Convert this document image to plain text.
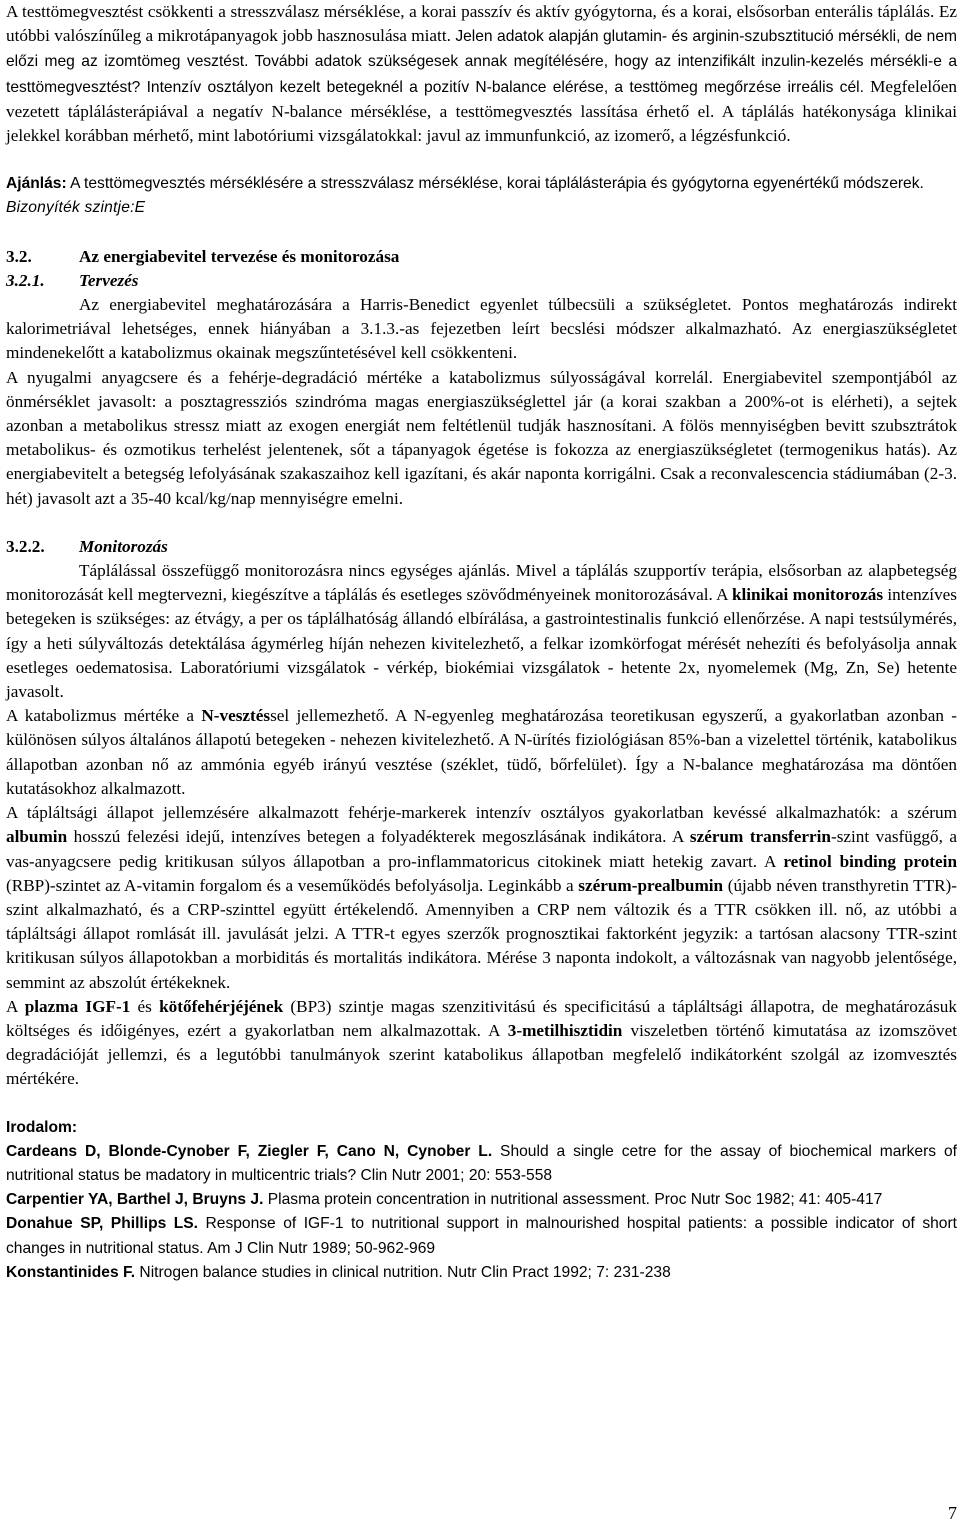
A testtömegvesztést csökkenti a stresszválasz mérséklése, a korai passzív és aktív gyógytorna, és a korai, elsősorban enterális táplálás. Ez utóbbi valószínűleg a mikrotápanyagok jobb hasznosulása miatt. Jelen adatok alapján glutamin- és arginin-szubsztitució mérsékli, de nem előzi meg az izomtömeg vesztést. További adatok szükségesek annak megítélésére, hogy az intenzifikált inzulin-kezelés mérsékli-e a testtömegvesztést? Intenzív osztályon kezelt betegeknél a pozitív N-balance elérése, a testtömeg megőrzése irreális cél. Megfelelően vezetett táplálásterápiával a negatív N-balance mérséklése, a testtömegvesztés lassítása érhető el. A táplálás hatékonysága klinikai jelekkel korábban mérhető, mint labotóriumi vizsgálatokkal: javul az immunfunkció, az izomerő, a légzésfunkció.

Ajánlás: A testtömegvesztés mérséklésére a stresszválasz mérséklése, korai táplálásterápia és gyógytorna egyenértékű módszerek.

Bizonyíték szintje:E

3.2.	Az energiabevitel tervezése és monitorozása
3.2.1.	Tervezés

Az energiabevitel meghatározására a Harris-Benedict egyenlet túlbecsüli a szükségletet. Pontos meghatározás indirekt kalorimetriával lehetséges, ennek hiányában a 3.1.3.-as fejezetben leírt becslési módszer alkalmazható. Az energiaszükségletet mindenekelőtt a katabolizmus okainak megszűntetésével kell csökkenteni.

A nyugalmi anyagcsere és a fehérje-degradáció mértéke a katabolizmus súlyosságával korrelál. Energiabevitel szempontjából az önmérséklet javasolt: a posztagressziós szindróma magas energiaszükséglettel jár (a korai szakban a 200%-ot is elérheti), a sejtek azonban a metabolikus stressz miatt az exogen energiát nem feltétlenül tudják hasznosítani. A fölös mennyiségben bevitt szubsztrátok metabolikus- és ozmotikus terhelést jelentenek, sőt a tápanyagok égetése is fokozza az energiaszükségletet (termogenikus hatás). Az energiabevitelt a betegség lefolyásának szakaszaihoz kell igazítani, és akár naponta korrigálni. Csak a reconvalescencia stádiumában (2-3. hét) javasolt azt a 35-40 kcal/kg/nap mennyiségre emelni.

3.2.2.	Monitorozás

Táplálással összefüggő monitorozásra nincs egységes ajánlás. Mivel a táplálás szupportív terápia, elsősorban az alapbetegség monitorozását kell megtervezni, kiegészítve a táplálás és esetleges szövődményeinek monitorozásával. A klinikai monitorozás intenzíves betegeken is szükséges: az étvágy, a per os táplálhatóság állandó elbírálása, a gastrointestinalis funkció ellenőrzése. A napi testsúlymérés, így a heti súlyváltozás detektálása ágymérleg híján nehezen kivitelezhető, a felkar izomkörfogat mérését nehezíti és befolyásolja annak esetleges oedematosisa. Laboratóriumi vizsgálatok - vérkép, biokémiai vizsgálatok - hetente 2x, nyomelemek (Mg, Zn, Se) hetente javasolt.

A katabolizmus mértéke a N-vesztéssel jellemezhető. A N-egyenleg meghatározása teoretikusan egyszerű, a gyakorlatban azonban - különösen súlyos általános állapotú betegeken - nehezen kivitelezhető. A N-ürítés fiziológiásan 85%-ban a vizelettel történik, katabolikus állapotban azonban nő az ammónia egyéb irányú vesztése (széklet, tüdő, bőrfelület). Így a N-balance meghatározása ma döntően kutatásokhoz alkalmazott.

A tápláltsági állapot jellemzésére alkalmazott fehérje-markerek intenzív osztályos gyakorlatban kevéssé alkalmazhatók: a szérum albumin hosszú felezési idejű, intenzíves betegen a folyadékterek megoszlásának indikátora. A szérum transferrin-szint vasfüggő, a vas-anyagcsere pedig kritikusan súlyos állapotban a pro-inflammatoricus citokinek miatt hetekig zavart. A retinol binding protein (RBP)-szintet az A-vitamin forgalom és a veseműködés befolyásolja. Leginkább a szérum-prealbumin (újabb néven transthyretin TTR)-szint alkalmazható, és a CRP-szinttel együtt értékelendő. Amennyiben a CRP nem változik és a TTR csökken ill. nő, az utóbbi a tápláltsági állapot romlását ill. javulását jelzi. A TTR-t egyes szerzők prognosztikai faktorként jegyzik: a tartósan alacsony TTR-szint kritikusan súlyos állapotokban a morbiditás és mortalitás indikátora. Mérése 3 naponta indokolt, a változásnak van nagyobb jelentősége, semmint az abszolút értékeknek.

A plazma IGF-1 és kötőfehérjéjének (BP3) szintje magas szenzitivitású és specificitású a tápláltsági állapotra, de meghatározásuk költséges és időigényes, ezért a gyakorlatban nem alkalmazottak. A 3-metilhisztidin viszeletben történő kimutatása az izomszövet degradációját jellemzi, és a legutóbbi tanulmányok szerint katabolikus állapotban megfelelő indikátorként szolgál az izomvesztés mértékére.

Irodalom:

Cardeans D, Blonde-Cynober F, Ziegler F, Cano N, Cynober L. Should a single cetre for the assay of biochemical markers of nutritional status be madatory in multicentric trials? Clin Nutr 2001; 20: 553-558

Carpentier YA, Barthel J, Bruyns J. Plasma protein concentration in nutritional assessment. Proc Nutr Soc 1982; 41: 405-417

Donahue SP, Phillips LS. Response of IGF-1 to nutritional support in malnourished hospital patients: a possible indicator of short changes in nutritional status. Am J Clin Nutr 1989; 50-962-969

Konstantinides F. Nitrogen balance studies in clinical nutrition. Nutr Clin Pract 1992; 7: 231-238

7
